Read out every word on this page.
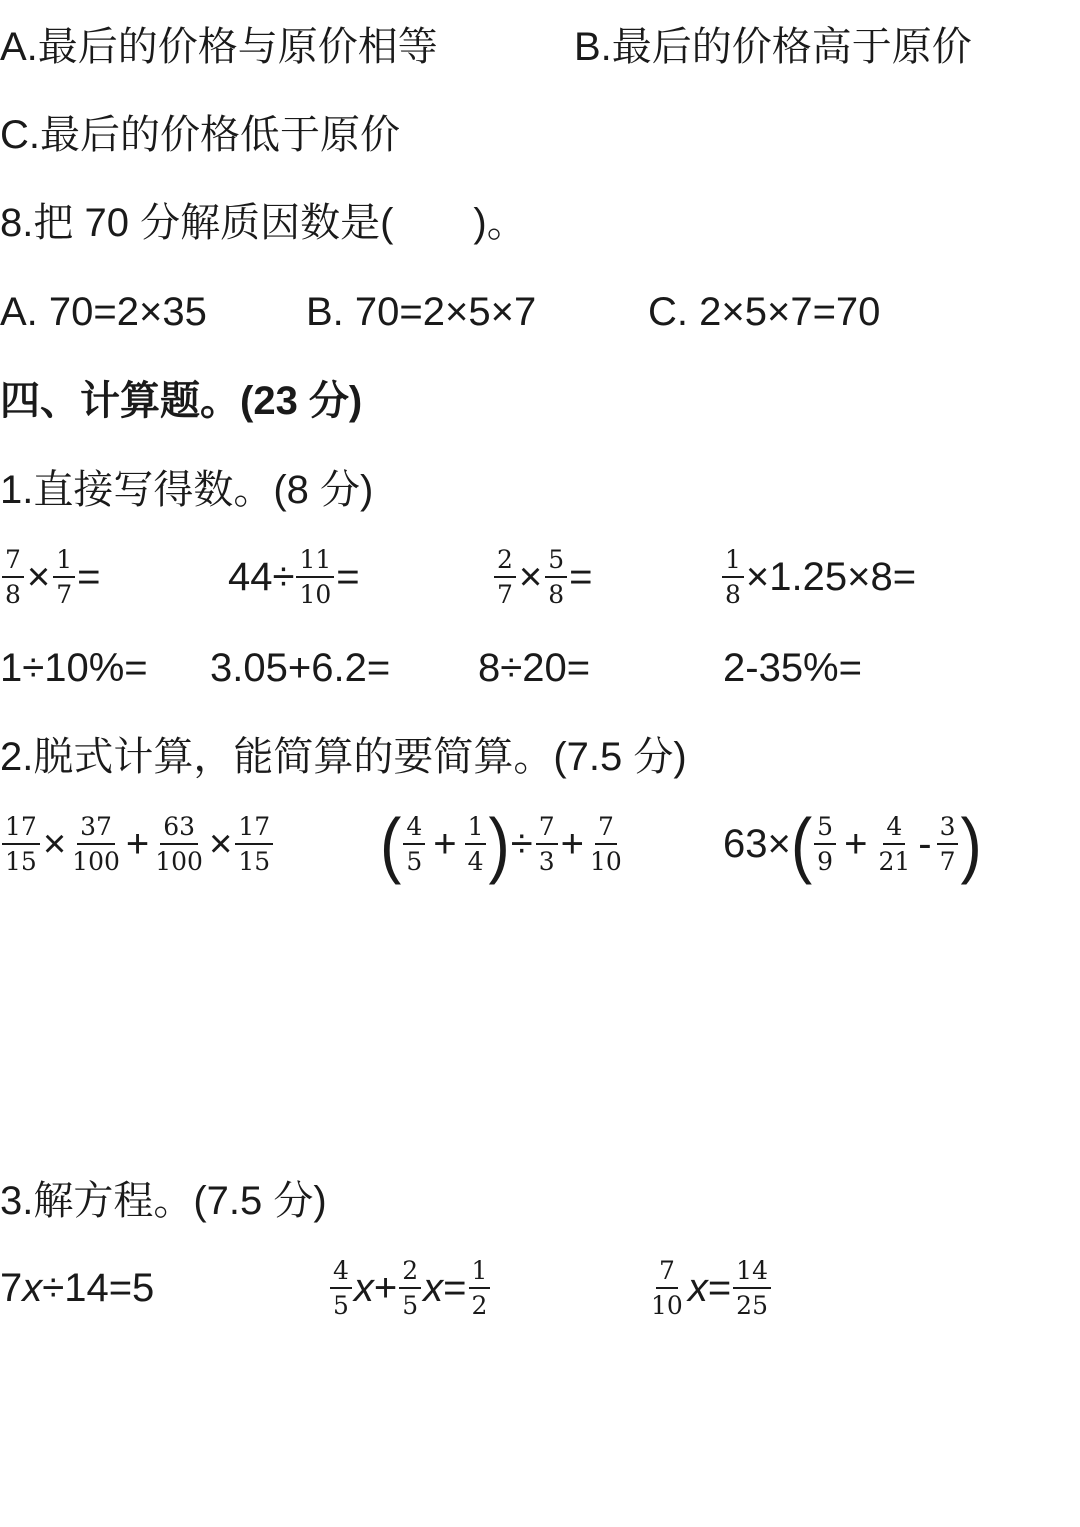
A.最后的价格与原价相等	B.最后的价格高于原价
C.最后的价格低于原价
8.把 70 分解质因数是( )。
A. 70=2×35 B. 70=2×5×7	C. 2×5×7=70
四、计算题。(23 分)
1.直接写得数。(8 分)
$\frac{7}{8} \times \frac{1}{7}$ =	$44\div \frac{11}{10}$ =	$\frac{2}{7} \times \frac{5}{8}$ =	$\frac{1}{8} \times 1.25\times 8=$
1÷10%= 3.05+6.2= 8÷20=	2-35%=
2.脱式计算，能简算的要简算。(7.5 分)
$\frac{17}{15} \times \frac{37}{100} + \frac{63}{100} \times \frac{17}{15}$ ( $\frac{4}{5} + \frac{1}{4}$ ) ÷ $\frac{7}{3} + \frac{7}{10} 63\times$ ( $\frac{5}{9} + \frac{4}{21} - \frac{3}{7}$ )
3.解方程。(7.5 分)
7 x ÷14=5	$\frac{4}{5}$ $x + \frac{2}{5}$ $x = \frac{1}{2}$	$\frac{7}{10}$ $x = \frac{14}{25}$
